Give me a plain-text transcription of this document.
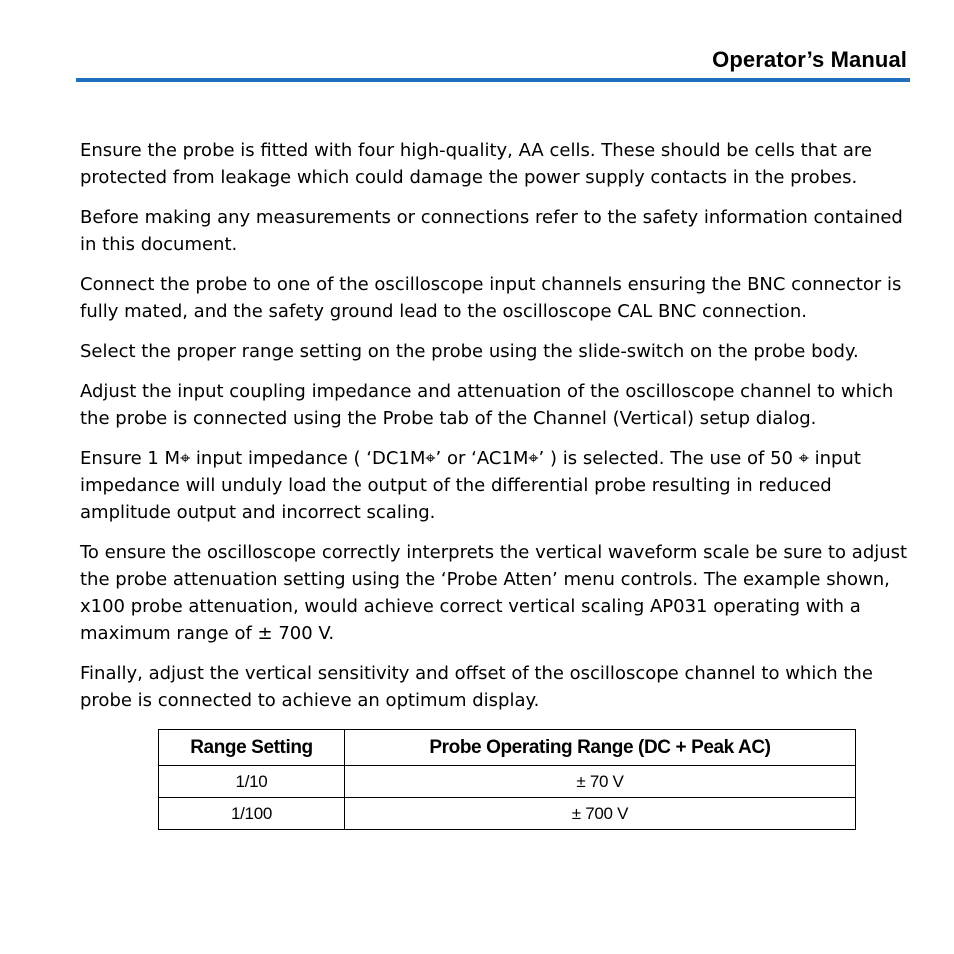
Operator’s Manual

Ensure the probe is fitted with four high-quality, AA cells. These should be cells that are protected from leakage which could damage the power supply contacts in the probes.

Before making any measurements or connections refer to the safety information contained in this document.

Connect the probe to one of the oscilloscope input channels ensuring the BNC connector is fully mated, and the safety ground lead to the oscilloscope CAL BNC connection.

Select the proper range setting on the probe using the slide-switch on the probe body.

Adjust the input coupling impedance and attenuation of the oscilloscope channel to which the probe is connected using the Probe tab of the Channel (Vertical) setup dialog.

Ensure 1 M⌖ input impedance ( ‘DC1M⌖’ or ‘AC1M⌖’ ) is selected. The use of 50 ⌖ input impedance will unduly load the output of the differential probe resulting in reduced amplitude output and incorrect scaling.

To ensure the oscilloscope correctly interprets the vertical waveform scale be sure to adjust the probe attenuation setting using the ‘Probe Atten’ menu controls. The example shown, x100 probe attenuation, would achieve correct vertical scaling AP031 operating with a maximum range of ± 700 V.

Finally, adjust the vertical sensitivity and offset of the oscilloscope channel to which the probe is connected to achieve an optimum display.

Range Setting	Probe Operating Range (DC + Peak AC)
1/10	± 70 V
1/100	± 700 V
